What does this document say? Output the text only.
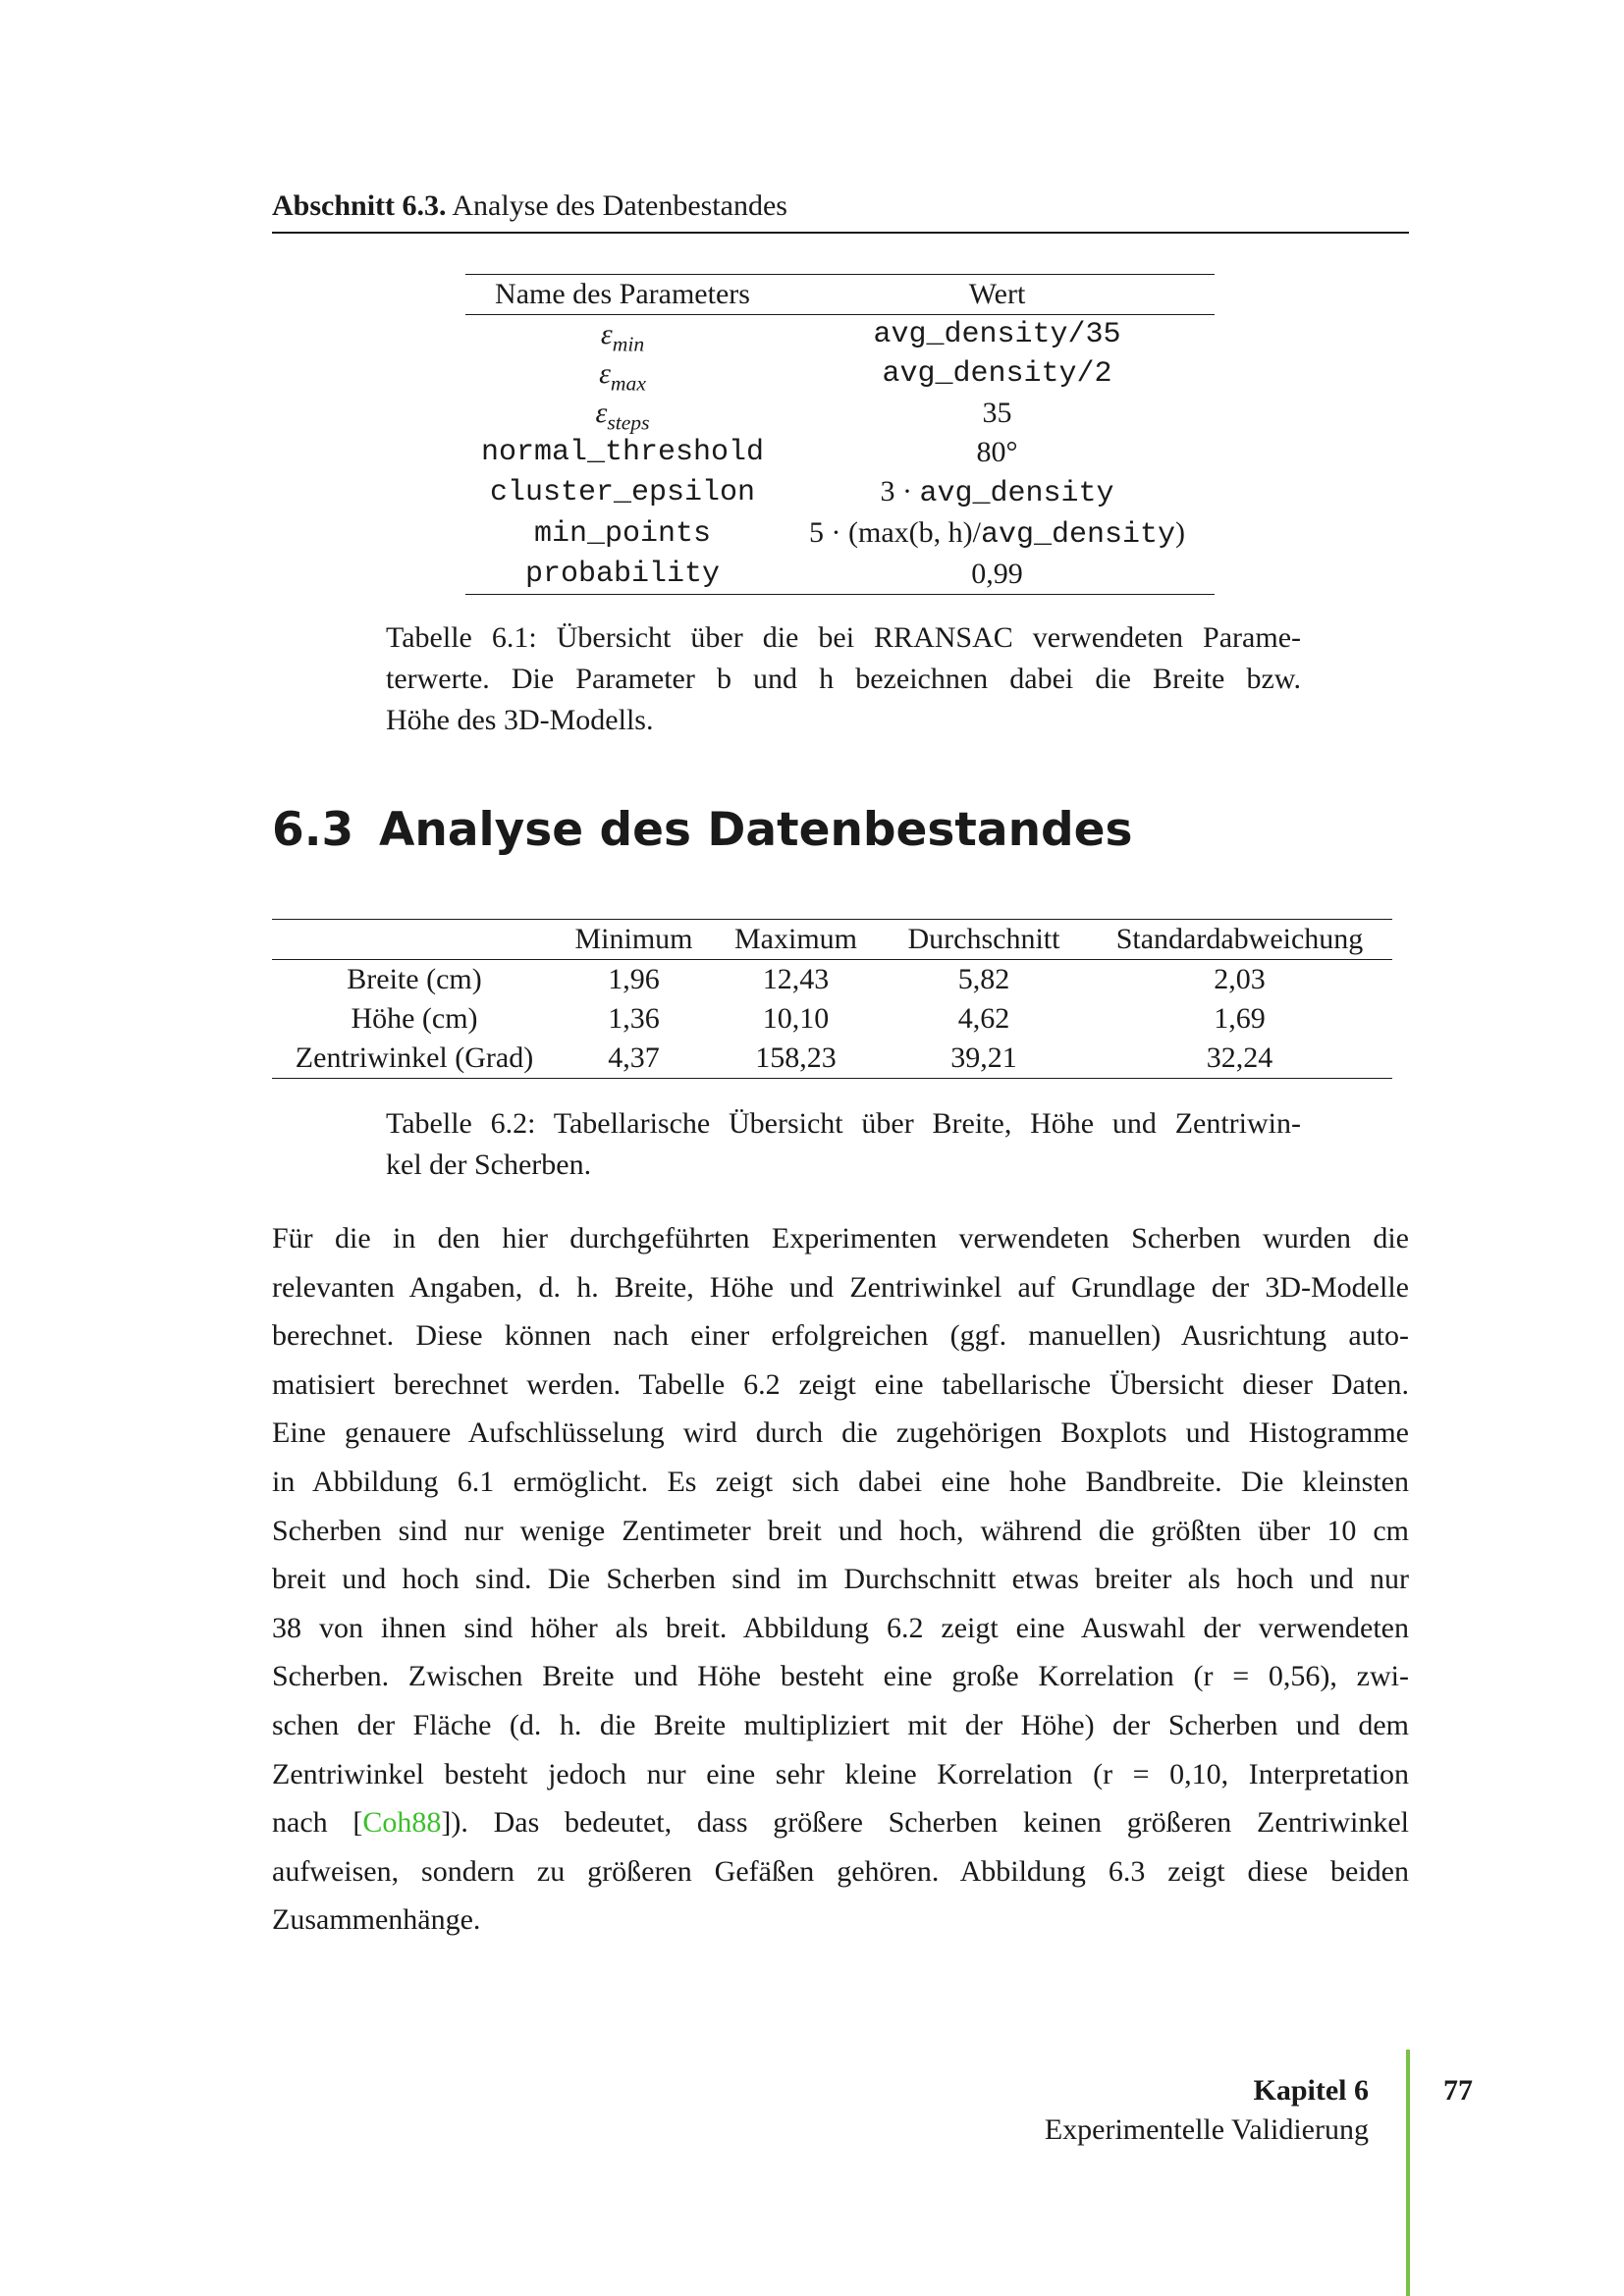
Abschnitt 6.3. Analyse des Datenbestandes
Name des Parameters	Wert
$\varepsilon_{min}$	avg_density/35
$\varepsilon_{max}$	avg_density/2
$\varepsilon_{steps}$	35
normal_threshold	80°
cluster_epsilon	3 · avg_density
min_points	5 · (max(b, h)/avg_density)
probability	0,99
Tabelle 6.1: Übersicht über die bei RRANSAC verwendeten Parame-
terwerte. Die Parameter b und h bezeichnen dabei die Breite bzw.
Höhe des 3D-Modells.
6.3 Analyse des Datenbestandes
	Minimum	Maximum	Durchschnitt	Standardabweichung
Breite (cm)	1,96	12,43	5,82	2,03
Höhe (cm)	1,36	10,10	4,62	1,69
Zentriwinkel (Grad)	4,37	158,23	39,21	32,24
Tabelle 6.2: Tabellarische Übersicht über Breite, Höhe und Zentriwin-
kel der Scherben.
Für die in den hier durchgeführten Experimenten verwendeten Scherben wurden die
relevanten Angaben, d. h. Breite, Höhe und Zentriwinkel auf Grundlage der 3D-Modelle
berechnet. Diese können nach einer erfolgreichen (ggf. manuellen) Ausrichtung auto-
matisiert berechnet werden. Tabelle 6.2 zeigt eine tabellarische Übersicht dieser Daten.
Eine genauere Aufschlüsselung wird durch die zugehörigen Boxplots und Histogramme
in Abbildung 6.1 ermöglicht. Es zeigt sich dabei eine hohe Bandbreite. Die kleinsten
Scherben sind nur wenige Zentimeter breit und hoch, während die größten über 10 cm
breit und hoch sind. Die Scherben sind im Durchschnitt etwas breiter als hoch und nur
38 von ihnen sind höher als breit. Abbildung 6.2 zeigt eine Auswahl der verwendeten
Scherben. Zwischen Breite und Höhe besteht eine große Korrelation (r = 0,56), zwi-
schen der Fläche (d. h. die Breite multipliziert mit der Höhe) der Scherben und dem
Zentriwinkel besteht jedoch nur eine sehr kleine Korrelation (r = 0,10, Interpretation
nach [Coh88]). Das bedeutet, dass größere Scherben keinen größeren Zentriwinkel
aufweisen, sondern zu größeren Gefäßen gehören. Abbildung 6.3 zeigt diese beiden
Zusammenhänge.
Kapitel 6
Experimentelle Validierung
77
